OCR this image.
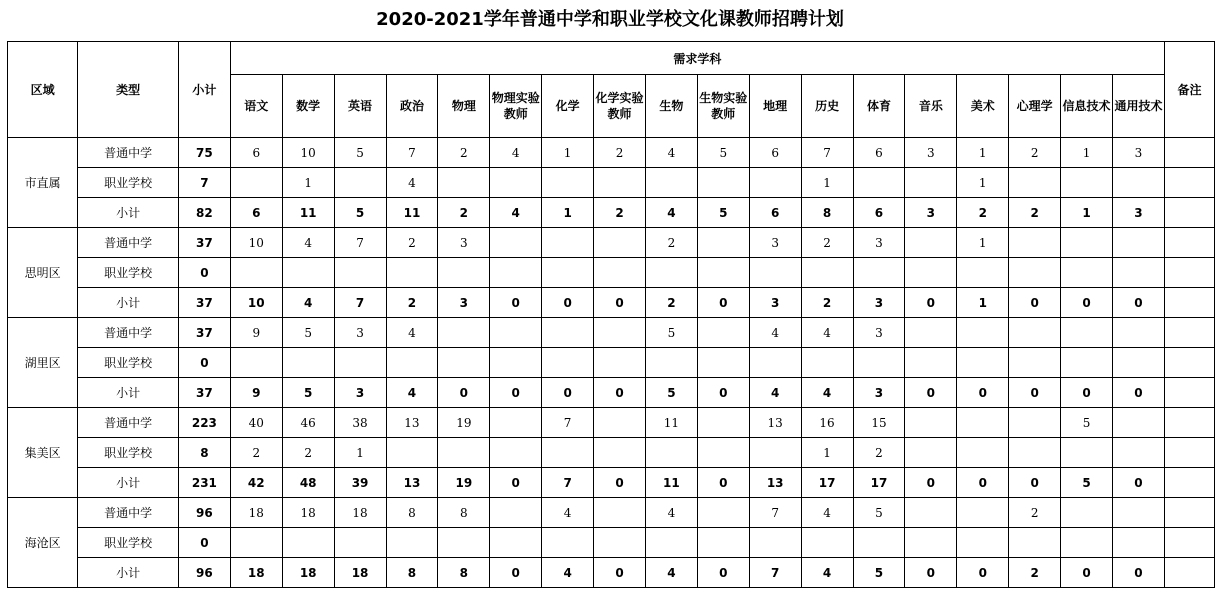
2020-2021学年普通中学和职业学校文化课教师招聘计划
区域	类型	小计	需求学科																		备注
			语文	数学	英语	政治	物理	物理实验教师	化学	化学实验教师	生物	生物实验教师	地理	历史	体育	音乐	美术	心理学	信息技术	通用技术	
市直属	普通中学	75	6	10	5	7	2	4	1	2	4	5	6	7	6	3	1	2	1	3	
	职业学校	7		1		4								1			1				
	小计	82	6	11	5	11	2	4	1	2	4	5	6	8	6	3	2	2	1	3	
思明区	普通中学	37	10	4	7	2	3				2		3	2	3		1				
	职业学校	0																			
	小计	37	10	4	7	2	3	0	0	0	2	0	3	2	3	0	1	0	0	0	
湖里区	普通中学	37	9	5	3	4					5		4	4	3						
	职业学校	0																			
	小计	37	9	5	3	4	0	0	0	0	5	0	4	4	3	0	0	0	0	0	
集美区	普通中学	223	40	46	38	13	19		7		11		13	16	15				5		
	职业学校	8	2	2	1									1	2						
	小计	231	42	48	39	13	19	0	7	0	11	0	13	17	17	0	0	0	5	0	
海沧区	普通中学	96	18	18	18	8	8		4		4		7	4	5			2			
	职业学校	0																			
	小计	96	18	18	18	8	8	0	4	0	4	0	7	4	5	0	0	2	0	0	
